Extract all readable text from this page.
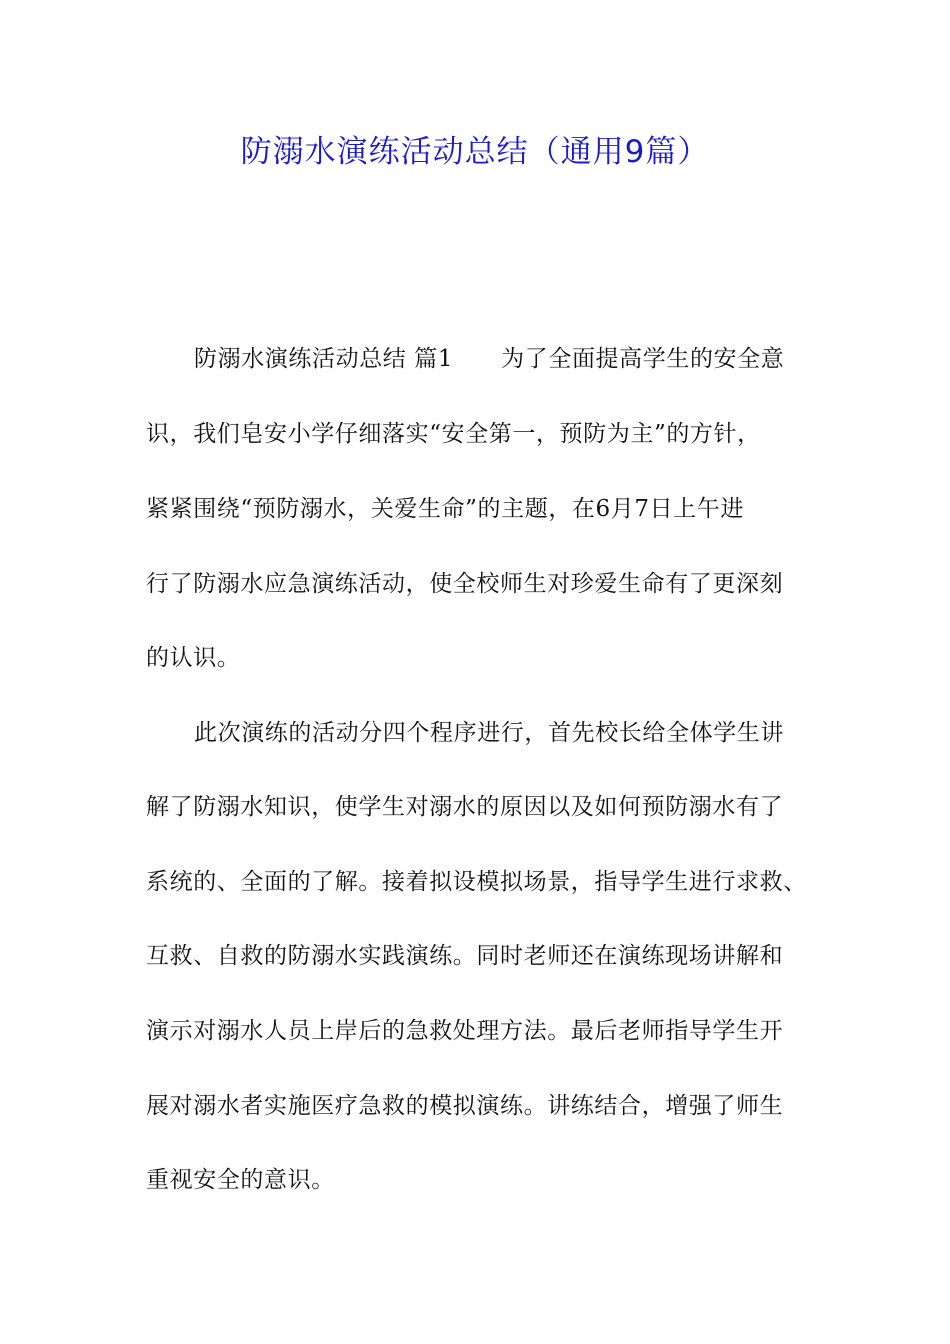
防溺水演练活动总结（通用9篇）
防溺水演练活动总结 篇1 为了全面提高学生的安全意
识，我们皂安小学仔细落实“安全第一，预防为主”的方针，
紧紧围绕“预防溺水，关爱生命”的主题，在6月7日上午进
行了防溺水应急演练活动，使全校师生对珍爱生命有了更深刻
的认识。
此次演练的活动分四个程序进行，首先校长给全体学生讲
解了防溺水知识，使学生对溺水的原因以及如何预防溺水有了
系统的、全面的了解。接着拟设模拟场景，指导学生进行求救、
互救、自救的防溺水实践演练。同时老师还在演练现场讲解和
演示对溺水人员上岸后的急救处理方法。最后老师指导学生开
展对溺水者实施医疗急救的模拟演练。讲练结合，增强了师生
重视安全的意识。
